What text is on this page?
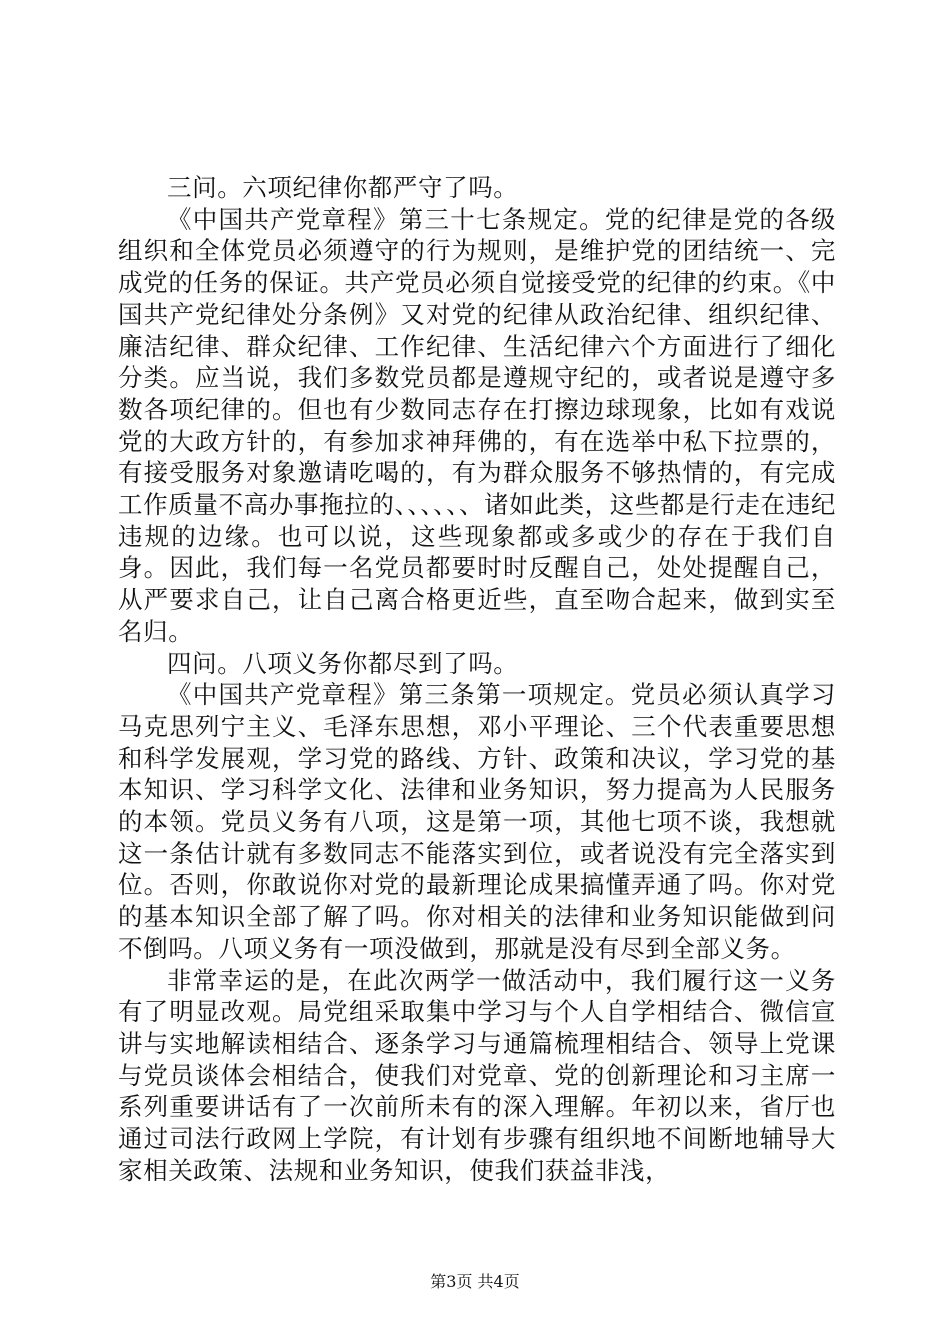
三问。六项纪律你都严守了吗。

《中国共产党章程》第三十七条规定。党的纪律是党的各级组织和全体党员必须遵守的行为规则，是维护党的团结统一、完成党的任务的保证。共产党员必须自觉接受党的纪律的约束。《中国共产党纪律处分条例》又对党的纪律从政治纪律、组织纪律、廉洁纪律、群众纪律、工作纪律、生活纪律六个方面进行了细化分类。应当说，我们多数党员都是遵规守纪的，或者说是遵守多数各项纪律的。但也有少数同志存在打擦边球现象，比如有戏说党的大政方针的，有参加求神拜佛的，有在选举中私下拉票的，有接受服务对象邀请吃喝的，有为群众服务不够热情的，有完成工作质量不高办事拖拉的、、、、、、诸如此类，这些都是行走在违纪违规的边缘。也可以说，这些现象都或多或少的存在于我们自身。因此，我们每一名党员都要时时反醒自己，处处提醒自己，从严要求自己，让自己离合格更近些，直至吻合起来，做到实至名归。

四问。八项义务你都尽到了吗。

《中国共产党章程》第三条第一项规定。党员必须认真学习马克思列宁主义、毛泽东思想，邓小平理论、三个代表重要思想和科学发展观，学习党的路线、方针、政策和决议，学习党的基本知识、学习科学文化、法律和业务知识，努力提高为人民服务的本领。党员义务有八项，这是第一项，其他七项不谈，我想就这一条估计就有多数同志不能落实到位，或者说没有完全落实到位。否则，你敢说你对党的最新理论成果搞懂弄通了吗。你对党的基本知识全部了解了吗。你对相关的法律和业务知识能做到问不倒吗。八项义务有一项没做到，那就是没有尽到全部义务。

非常幸运的是，在此次两学一做活动中，我们履行这一义务有了明显改观。局党组采取集中学习与个人自学相结合、微信宣讲与实地解读相结合、逐条学习与通篇梳理相结合、领导上党课与党员谈体会相结合，使我们对党章、党的创新理论和习主席一系列重要讲话有了一次前所未有的深入理解。年初以来，省厅也通过司法行政网上学院，有计划有步骤有组织地不间断地辅导大家相关政策、法规和业务知识，使我们获益非浅，

第3页 共4页
